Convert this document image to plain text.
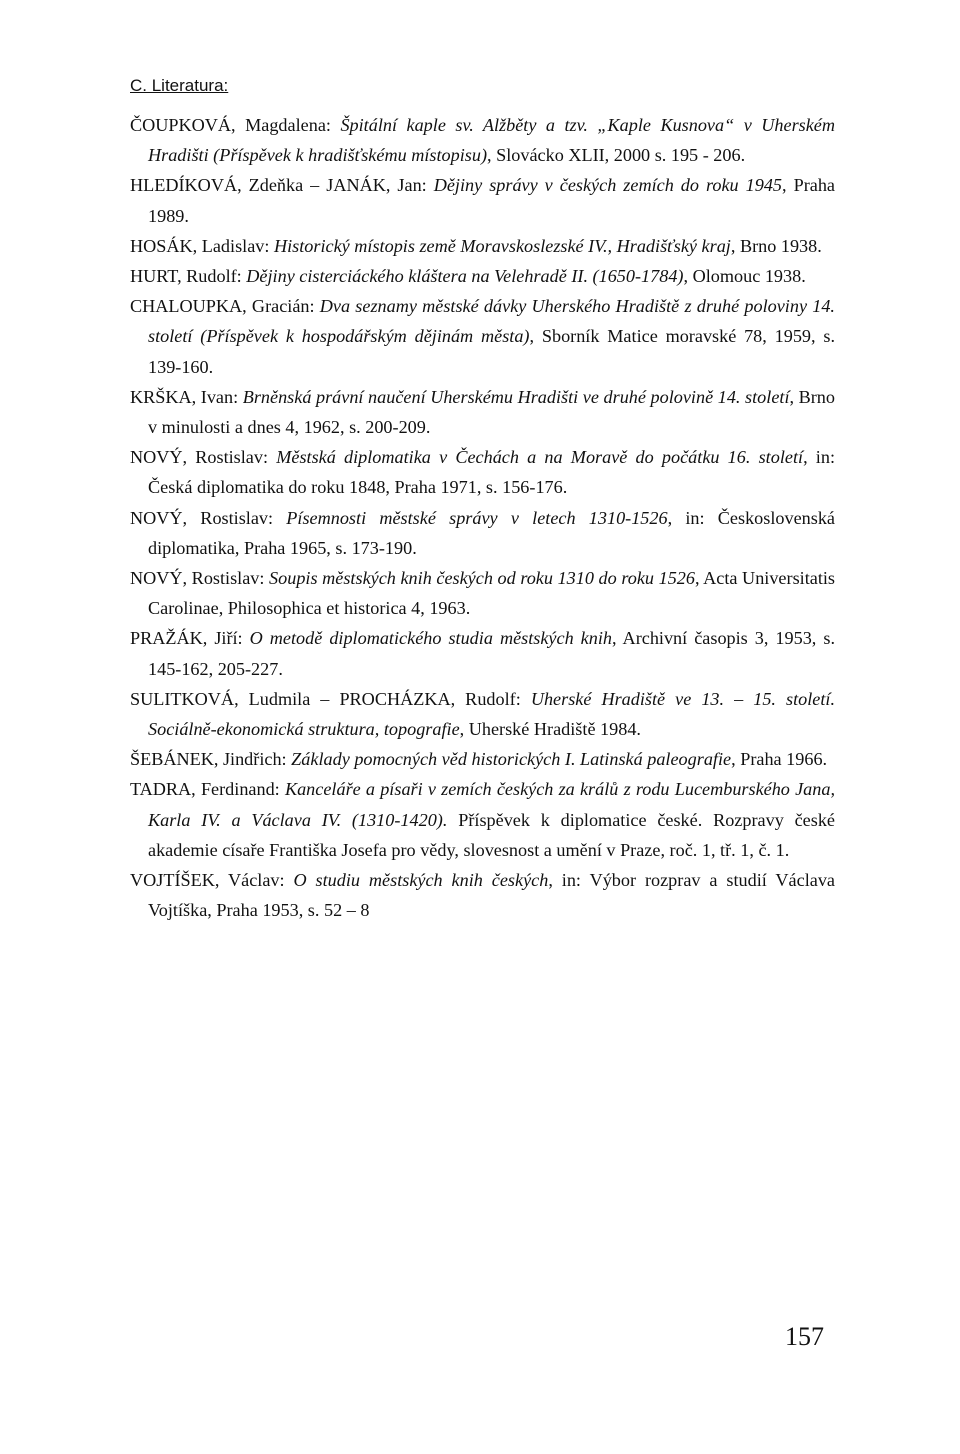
C. Literatura:

ČOUPKOVÁ, Magdalena: Špitální kaple sv. Alžběty a tzv. „Kaple Kusnova“ v Uherském Hradišti (Příspěvek k hradišťskému místopisu), Slovácko XLII, 2000 s. 195 - 206.

HLEDÍKOVÁ, Zdeňka – JANÁK, Jan: Dějiny správy v českých zemích do roku 1945, Praha 1989.

HOSÁK, Ladislav: Historický místopis země Moravskoslezské IV., Hradišťský kraj, Brno 1938.

HURT, Rudolf: Dějiny cisterciáckého kláštera na Velehradě II. (1650-1784), Olomouc 1938.

CHALOUPKA, Gracián: Dva seznamy městské dávky Uherského Hradiště z druhé poloviny 14. století (Příspěvek k hospodářským dějinám města), Sborník Matice moravské 78, 1959, s. 139-160.

KRŠKA, Ivan: Brněnská právní naučení Uherskému Hradišti ve druhé polovině 14. století, Brno v minulosti a dnes 4, 1962, s. 200-209.

NOVÝ, Rostislav: Městská diplomatika v Čechách a na Moravě do počátku 16. století, in: Česká diplomatika do roku 1848, Praha 1971, s. 156-176.

NOVÝ, Rostislav: Písemnosti městské správy v letech 1310-1526, in: Československá diplomatika, Praha 1965, s. 173-190.

NOVÝ, Rostislav: Soupis městských knih českých od roku 1310 do roku 1526, Acta Universitatis Carolinae, Philosophica et historica 4, 1963.

PRAŽÁK, Jiří: O metodě diplomatického studia městských knih, Archivní časopis 3, 1953, s. 145-162, 205-227.

SULITKOVÁ, Ludmila – PROCHÁZKA, Rudolf: Uherské Hradiště ve 13. – 15. století. Sociálně-ekonomická struktura, topografie, Uherské Hradiště 1984.

ŠEBÁNEK, Jindřich: Základy pomocných věd historických I. Latinská paleografie, Praha 1966.

TADRA, Ferdinand: Kanceláře a písaři v zemích českých za králů z rodu Lucemburského Jana, Karla IV. a Václava IV. (1310-1420). Příspěvek k diplomatice české. Rozpravy české akademie císaře Františka Josefa pro vědy, slovesnost a umění v Praze, roč. 1, tř. 1, č. 1.

VOJTÍŠEK, Václav: O studiu městských knih českých, in: Výbor rozprav a studií Václava Vojtíška, Praha 1953, s. 52 – 8

157
